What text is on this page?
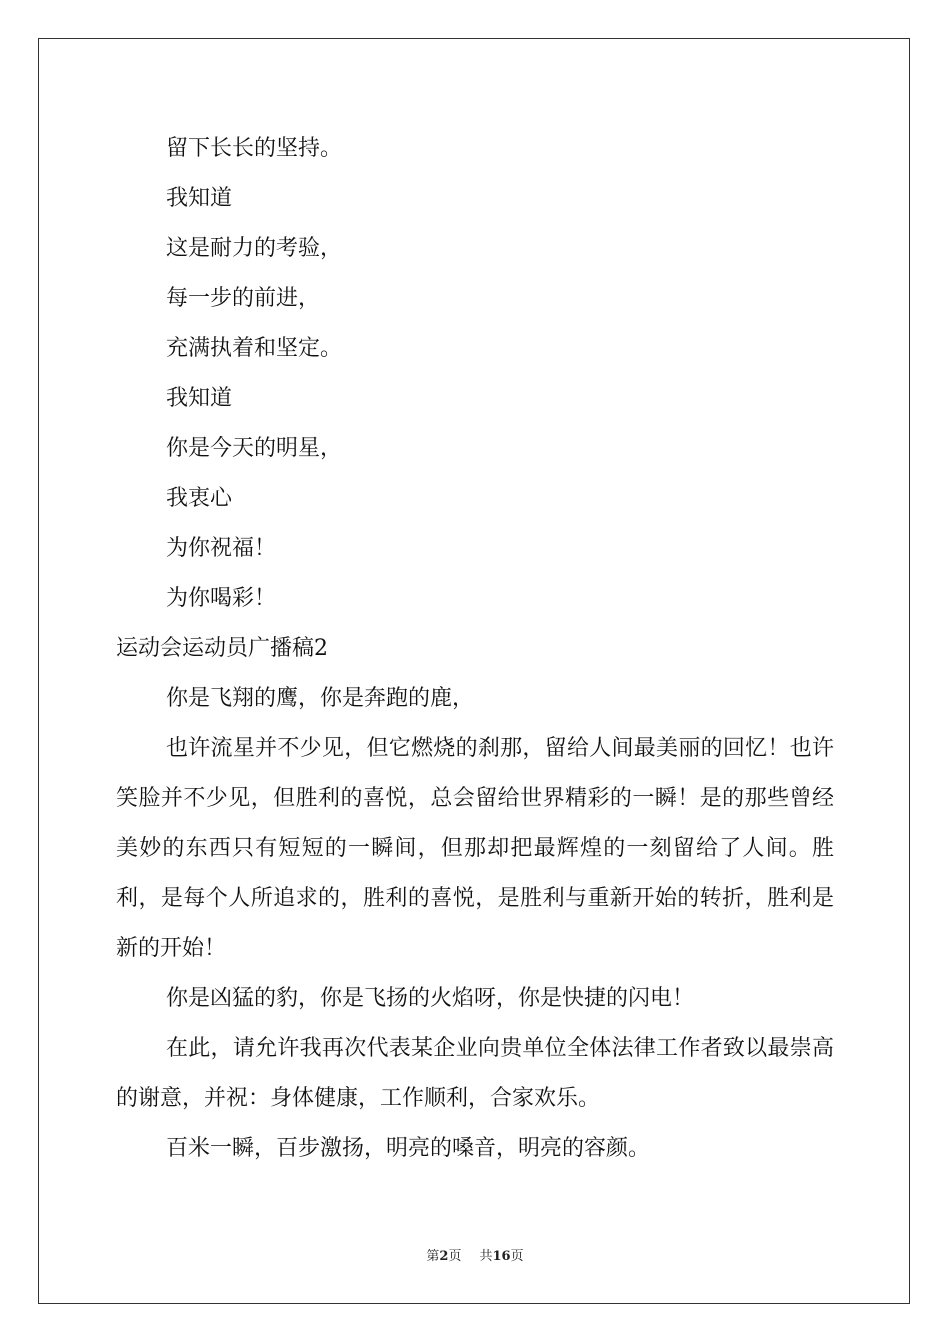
留下长长的坚持。

我知道

这是耐力的考验，

每一步的前进，

充满执着和坚定。

我知道

你是今天的明星，

我衷心

为你祝福！

为你喝彩！

运动会运动员广播稿2

你是飞翔的鹰，你是奔跑的鹿，

也许流星并不少见，但它燃烧的刹那，留给人间最美丽的回忆！也许笑脸并不少见，但胜利的喜悦，总会留给世界精彩的一瞬！是的那些曾经美妙的东西只有短短的一瞬间，但那却把最辉煌的一刻留给了人间。胜利，是每个人所追求的，胜利的喜悦，是胜利与重新开始的转折，胜利是新的开始！

你是凶猛的豹，你是飞扬的火焰呀，你是快捷的闪电！

在此，请允许我再次代表某企业向贵单位全体法律工作者致以最崇高的谢意，并祝：身体健康，工作顺利，合家欢乐。

百米一瞬，百步激扬，明亮的嗓音，明亮的容颜。

第2页 共16页
